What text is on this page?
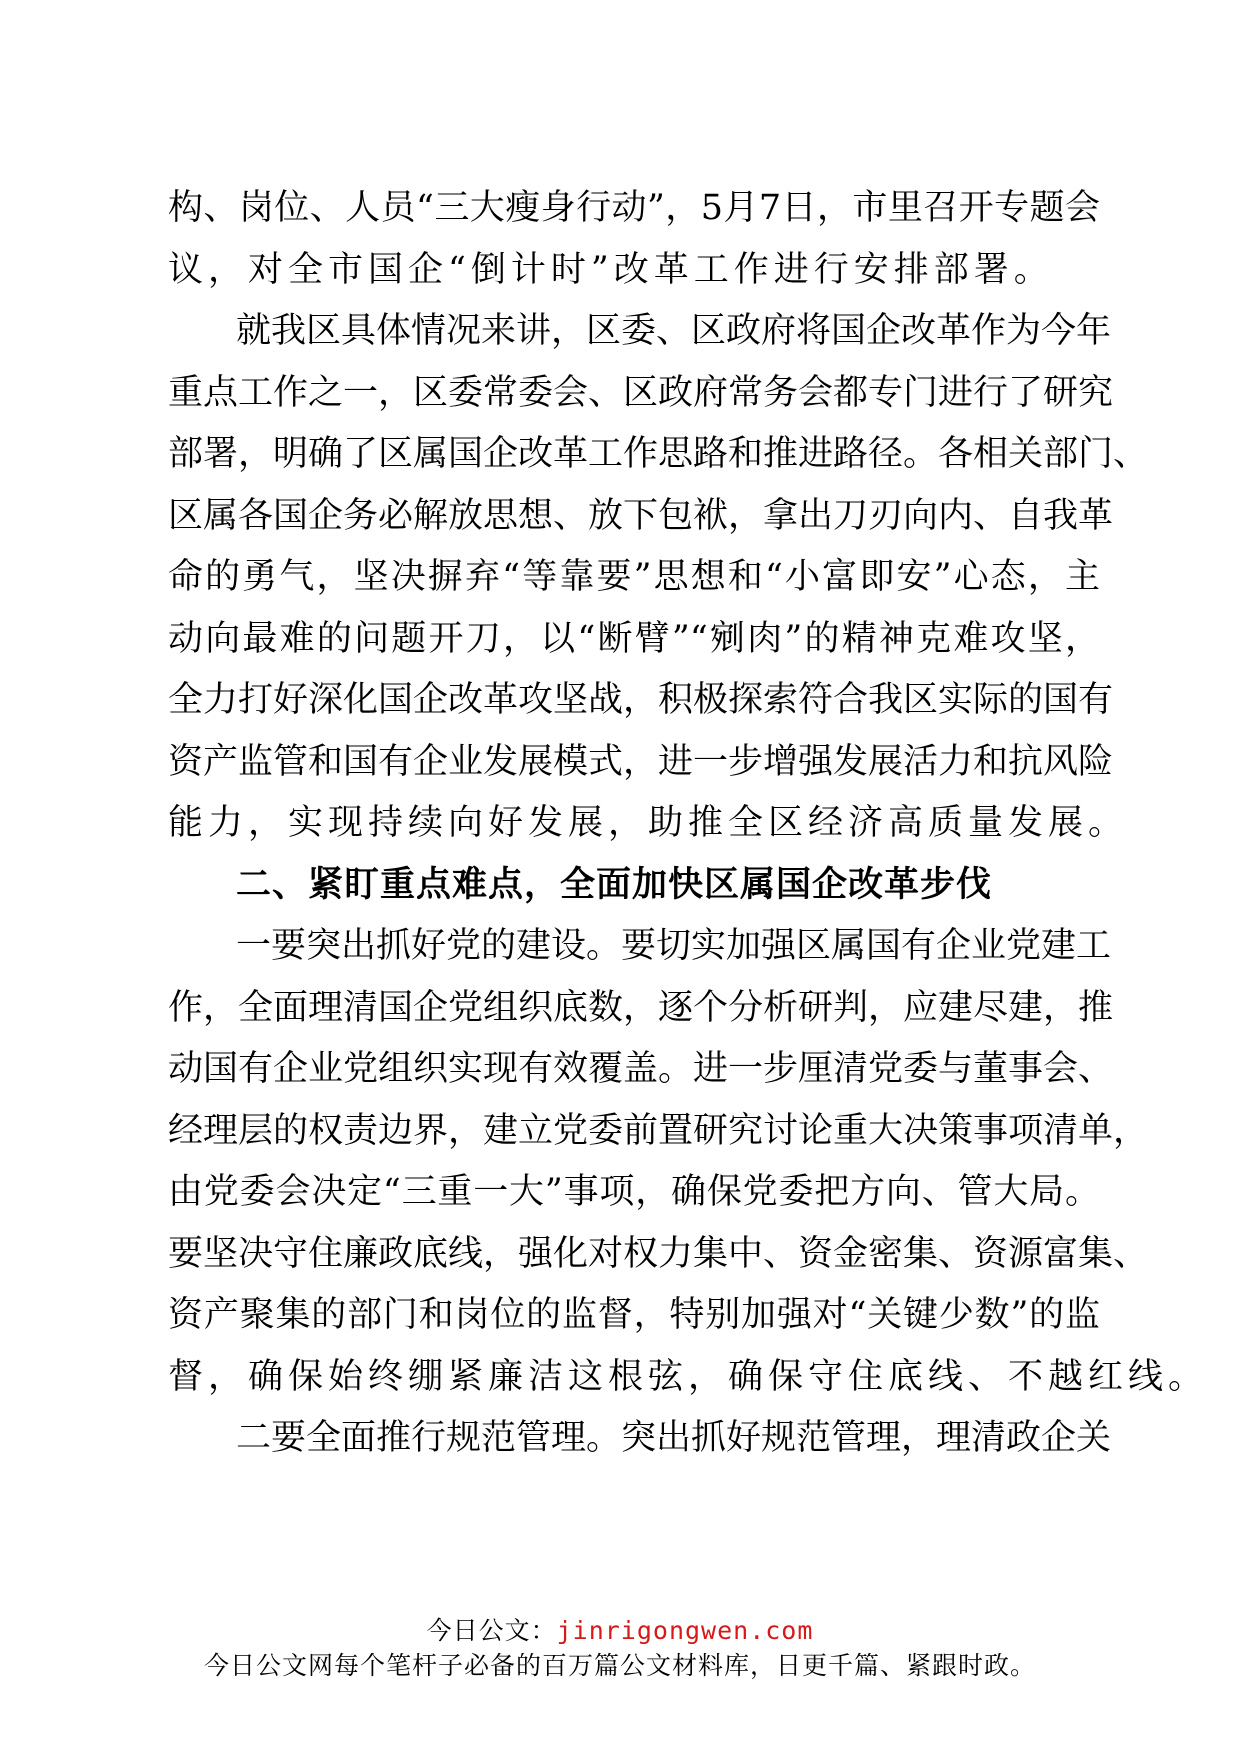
构、岗位、人员“三大瘦身行动”，5月7日，市里召开专题会
议，对全市国企“倒计时”改革工作进行安排部署。
就我区具体情况来讲，区委、区政府将国企改革作为今年
重点工作之一，区委常委会、区政府常务会都专门进行了研究
部署，明确了区属国企改革工作思路和推进路径。各相关部门、
区属各国企务必解放思想、放下包袱，拿出刀刃向内、自我革
命的勇气，坚决摒弃“等靠要”思想和“小富即安”心态，主
动向最难的问题开刀，以“断臂”“剜肉”的精神克难攻坚，
全力打好深化国企改革攻坚战，积极探索符合我区实际的国有
资产监管和国有企业发展模式，进一步增强发展活力和抗风险
能力，实现持续向好发展，助推全区经济高质量发展。
二、紧盯重点难点，全面加快区属国企改革步伐
一要突出抓好党的建设。要切实加强区属国有企业党建工
作，全面理清国企党组织底数，逐个分析研判，应建尽建，推
动国有企业党组织实现有效覆盖。进一步厘清党委与董事会、
经理层的权责边界，建立党委前置研究讨论重大决策事项清单，
由党委会决定“三重一大”事项，确保党委把方向、管大局。
要坚决守住廉政底线，强化对权力集中、资金密集、资源富集、
资产聚集的部门和岗位的监督，特别加强对“关键少数”的监
督，确保始终绷紧廉洁这根弦，确保守住底线、不越红线。
二要全面推行规范管理。突出抓好规范管理，理清政企关
今日公文：jinrigongwen.com
今日公文网每个笔杆子必备的百万篇公文材料库，日更千篇、紧跟时政。
